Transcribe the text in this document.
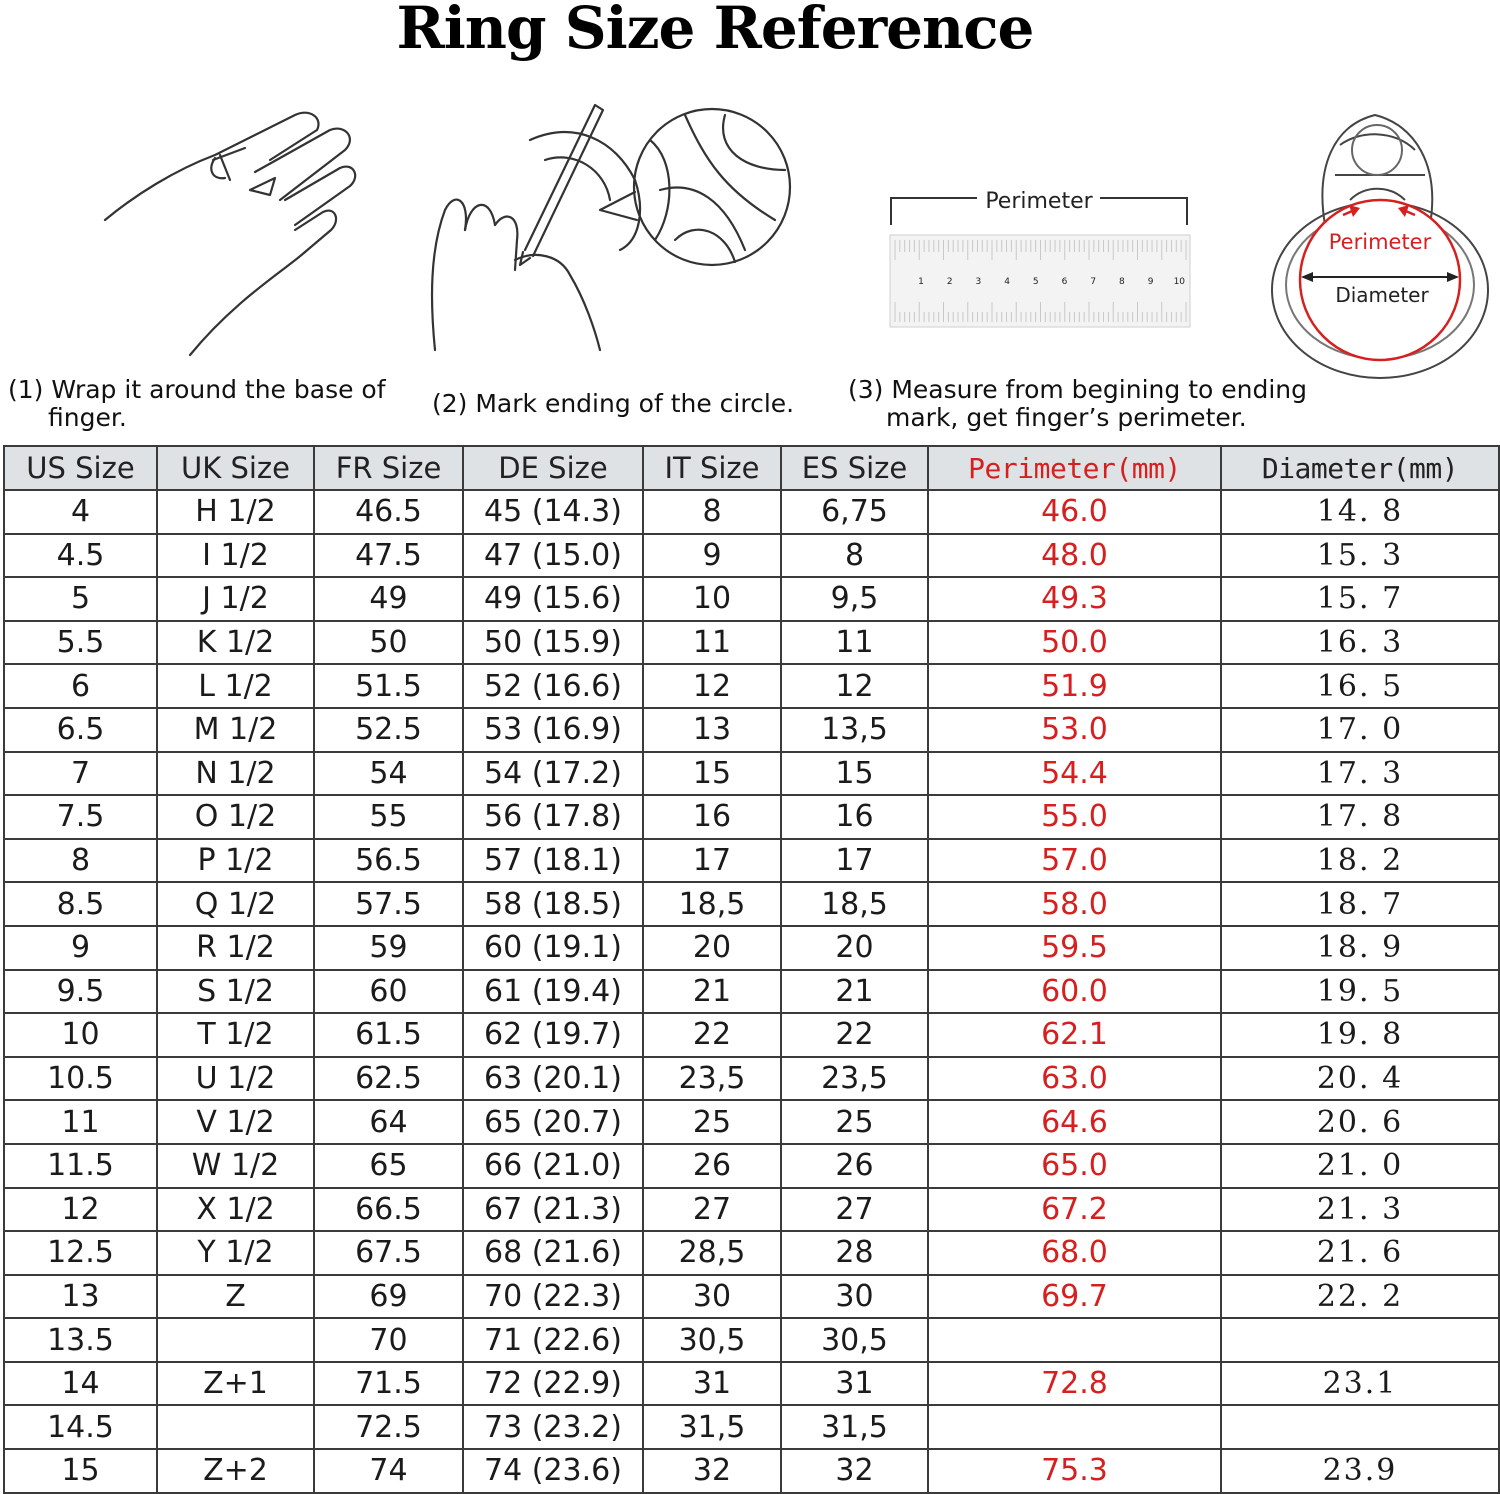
Ring Size Reference
Perimeter
1	2	3	4	5	6	7	8	9 10
Perimeter
Diameter
(1) Wrap it around the base of
finger.	(2) Mark ending of the circle. (3) Measure from begining to ending
mark, get finger’s perimeter.
US Size	UK Size	FR Size	DE Size	IT Size	ES Size	Perimeter(mm)	Diameter(mm)
4	H 1/2	46.5	45 (14.3)	8	6,75	46.0	14. 8
4.5	I 1/2	47.5	47 (15.0)	9	8	48.0	15. 3
5	J 1/2	49	49 (15.6)	10	9,5	49.3	15. 7
5.5	K 1/2	50	50 (15.9)	11	11	50.0	16. 3
6	L 1/2	51.5	52 (16.6)	12	12	51.9	16. 5
6.5	M 1/2	52.5	53 (16.9)	13	13,5	53.0	17. 0
7	N 1/2	54	54 (17.2)	15	15	54.4	17. 3
7.5	O 1/2	55	56 (17.8)	16	16	55.0	17. 8
8	P 1/2	56.5	57 (18.1)	17	17	57.0	18. 2
8.5	Q 1/2	57.5	58 (18.5)	18,5	18,5	58.0	18. 7
9	R 1/2	59	60 (19.1)	20	20	59.5	18. 9
9.5	S 1/2	60	61 (19.4)	21	21	60.0	19. 5
10	T 1/2	61.5	62 (19.7)	22	22	62.1	19. 8
10.5	U 1/2	62.5	63 (20.1)	23,5	23,5	63.0	20. 4
11	V 1/2	64	65 (20.7)	25	25	64.6	20. 6
11.5	W 1/2	65	66 (21.0)	26	26	65.0	21. 0
12	X 1/2	66.5	67 (21.3)	27	27	67.2	21. 3
12.5	Y 1/2	67.5	68 (21.6)	28,5	28	68.0	21. 6
13	Z	69	70 (22.3)	30	30	69.7	22. 2
13.5		70	71 (22.6)	30,5	30,5		
14	Z+1	71.5	72 (22.9)	31	31	72.8	23.1
14.5		72.5	73 (23.2)	31,5	31,5		
15	Z+2	74	74 (23.6)	32	32	75.3	23.9
